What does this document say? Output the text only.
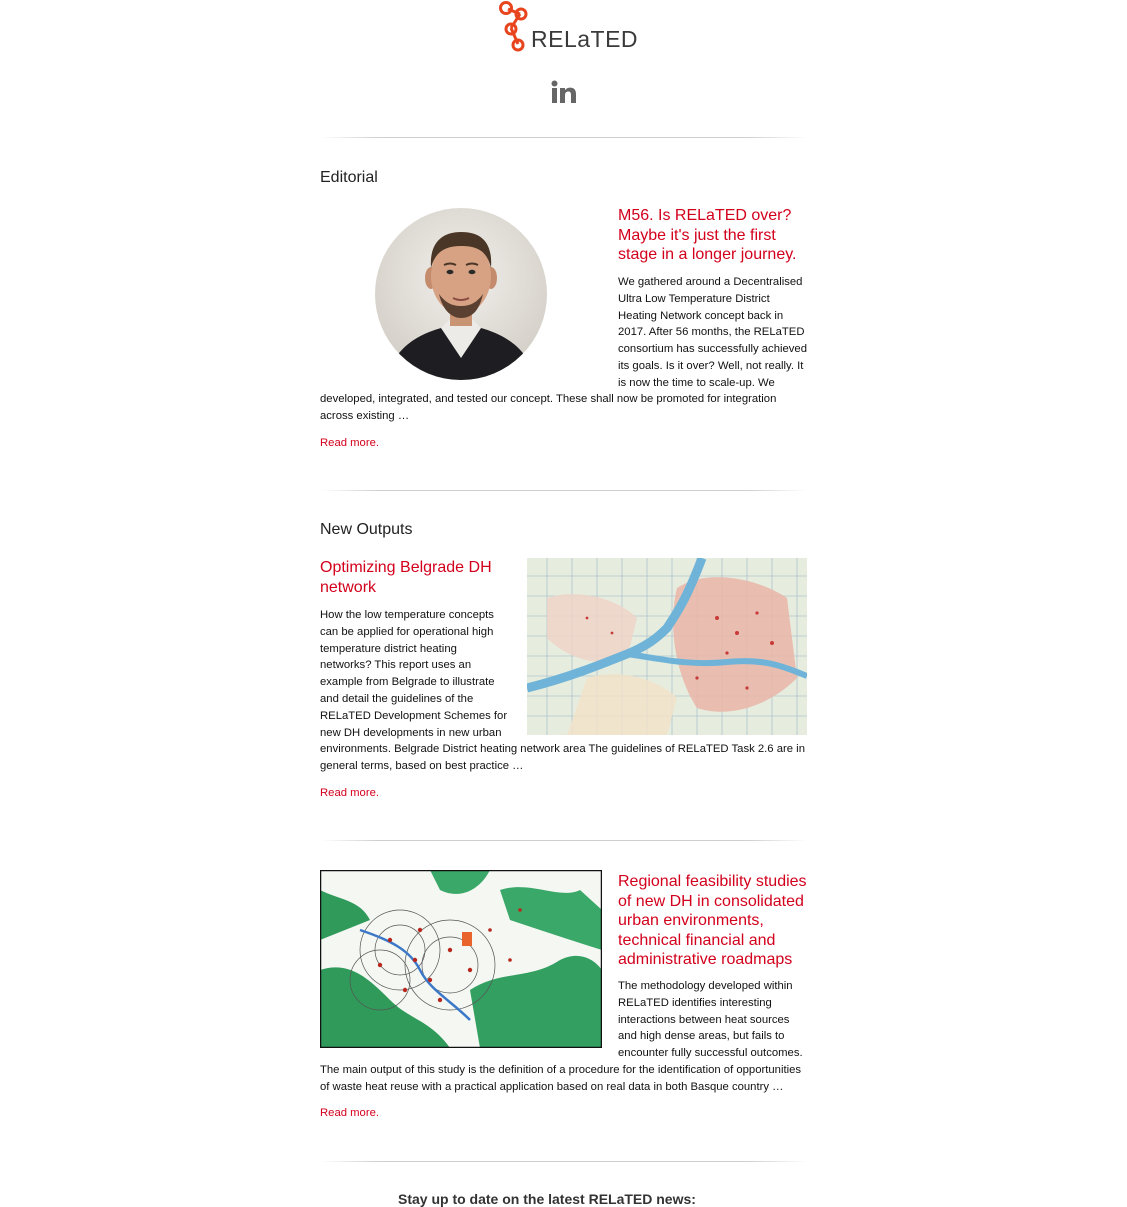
RELaTED
Editorial
M56. Is RELaTED over? Maybe it's just the first stage in a longer journey.
We gathered around a Decentralised
Ultra Low Temperature District
Heating Network concept back in
2017. After 56 months, the RELaTED
consortium has successfully achieved
its goals. Is it over? Well, not really. It
is now the time to scale-up. We
developed, integrated, and tested our concept. These shall now be promoted for integration
across existing …
Read more.
New Outputs
Optimizing Belgrade DH
network
How the low temperature concepts
can be applied for operational high
temperature district heating
networks? This report uses an
example from Belgrade to illustrate
and detail the guidelines of the
RELaTED Development Schemes for
new DH developments in new urban
environments. Belgrade District heating network area The guidelines of RELaTED Task 2.6 are in
general terms, based on best practice …
Read more.
Regional feasibility studies
of new DH in consolidated
urban environments,
technical financial and
administrative roadmaps
The methodology developed within
RELaTED identifies interesting
interactions between heat sources
and high dense areas, but fails to
encounter fully successful outcomes.
The main output of this study is the definition of a procedure for the identification of opportunities
of waste heat reuse with a practical application based on real data in both Basque country …
Read more.
Stay up to date on the latest RELaTED news:
